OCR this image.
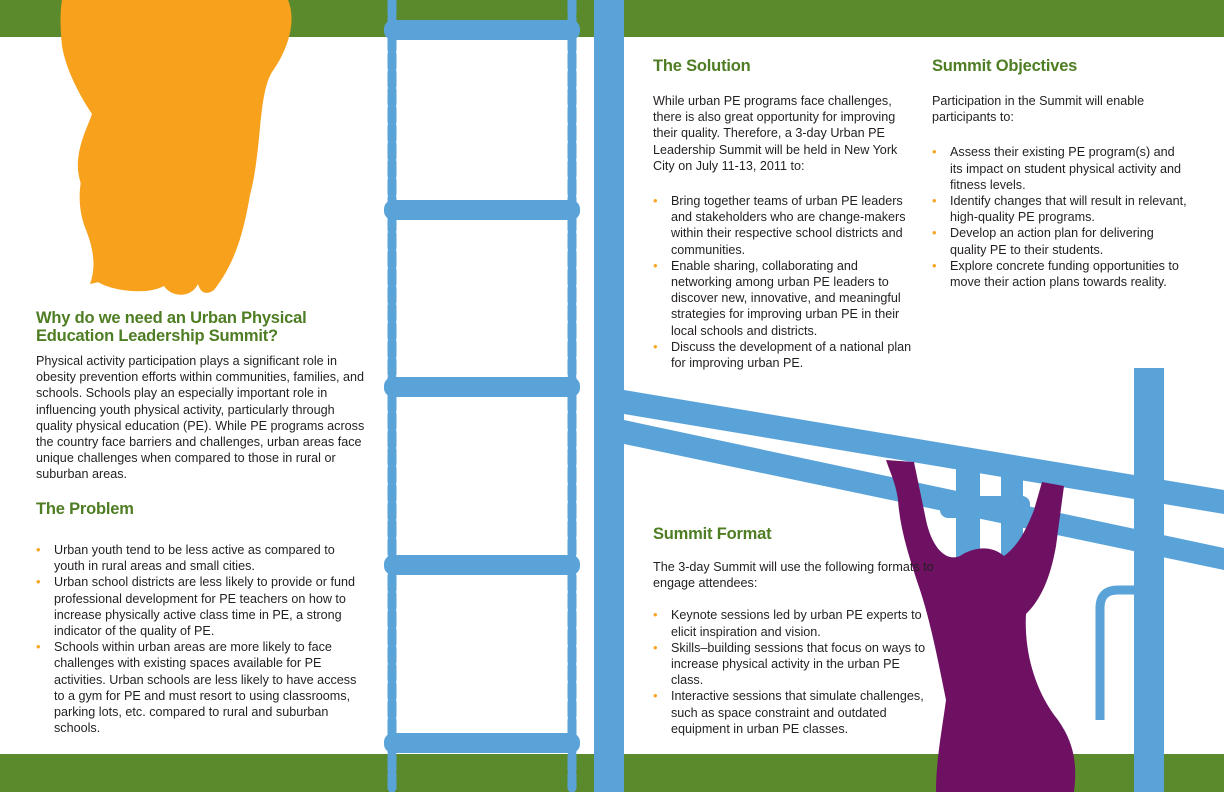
Why do we need an Urban Physical Education Leadership Summit?

Physical activity participation plays a significant role in obesity prevention efforts within communities, families, and schools. Schools play an especially important role in influencing youth physical activity, particularly through quality physical education (PE). While PE programs across the country face barriers and challenges, urban areas face unique challenges when compared to those in rural or suburban areas.

The Problem
• Urban youth tend to be less active as compared to youth in rural areas and small cities.
• Urban school districts are less likely to provide or fund professional development for PE teachers on how to increase physically active class time in PE, a strong indicator of the quality of PE.
• Schools within urban areas are more likely to face challenges with existing spaces available for PE activities. Urban schools are less likely to have access to a gym for PE and must resort to using classrooms, parking lots, etc. compared to rural and suburban schools.
The Solution

While urban PE programs face challenges, there is also great opportunity for improving their quality. Therefore, a 3-day Urban PE Leadership Summit will be held in New York City on July 11-13, 2011 to:

• Bring together teams of urban PE leaders and stakeholders who are change-makers within their respective school districts and communities.
• Enable sharing, collaborating and networking among urban PE leaders to discover new, innovative, and meaningful strategies for improving urban PE in their local schools and districts.
• Discuss the development of a national plan for improving urban PE.
Summit Objectives

Participation in the Summit will enable participants to:

• Assess their existing PE program(s) and its impact on student physical activity and fitness levels.
• Identify changes that will result in relevant, high-quality PE programs.
• Develop an action plan for delivering quality PE to their students.
• Explore concrete funding opportunities to move their action plans towards reality.
Summit Format

The 3-day Summit will use the following formats to engage attendees:

• Keynote sessions led by urban PE experts to elicit inspiration and vision.
• Skills–building sessions that focus on ways to increase physical activity in the urban PE class.
• Interactive sessions that simulate challenges, such as space constraint and outdated equipment in urban PE classes.
